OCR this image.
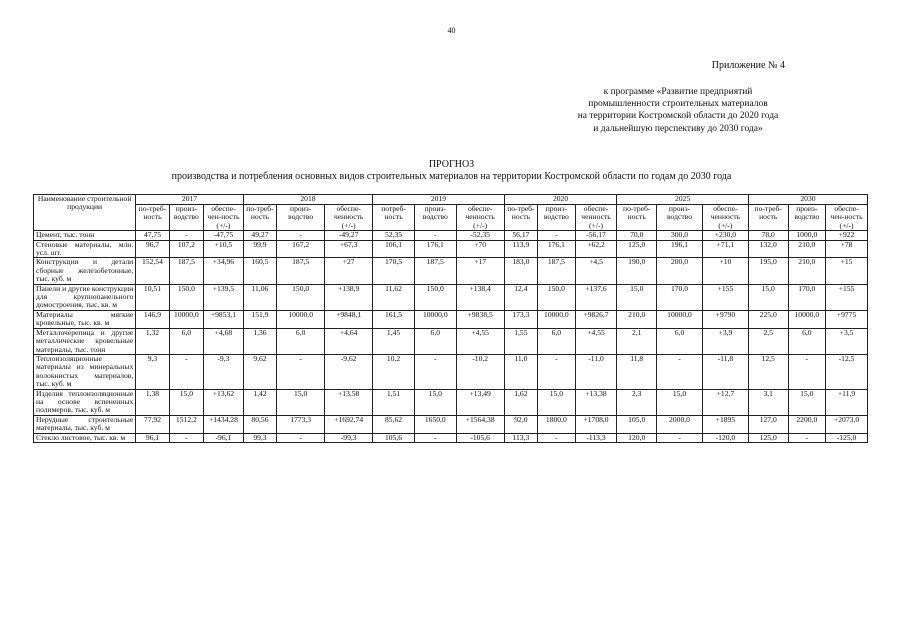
40
Приложение № 4
к программе «Развитие предприятий
промышленности строительных материалов
на территории Костромской области до 2020 года
и дальнейшую перспективу до 2030 года»
ПРОГНОЗ
производства и потребления основных видов строительных материалов на территории Костромской области по годам до 2030 года
Наименование строительной продукции	2017			2018			2019			2020			2025			2030		
	по-треб-ность	произ-водство	обеспе-чен-ность (+/-)	по-треб-ность	произ-водство	обеспе-ченность (+/-)	потреб-ность	произ-водство	обеспе-ченность (+/-)	по-треб-ность	произ-водство	обеспе-ченность (+/-)	по-треб-ность	произ-водство	обеспе-ченность (+/-)	по-треб-ность	произ-водство	обеспе-чен-ность (+/-)
Цемент, тыс. тонн	47,75	-	-47,75	49,27	-	-49,27	52,35	-	-52,35	56,17	-	-56,17	70,0	300,0	+230,0	78,0	1000,0	+922
Стеновые материалы, млн. усл. шт.	96,7	107,2	+10,5	99,9	167,2	+67,3	106,1	176,1	+70	113,9	176,1	+62,2	125,0	196,1	+71,1	132,0	210,0	+78
Конструкции и детали сборные железобетонные, тыс. куб. м	152,54	187,5	+34,96	160,5	187,5	+27	170,5	187,5	+17	183,0	187,5	+4,5	190,0	200,0	+10	195,0	210,0	+15
Панели и другие конструкции для крупнопанельного домостроения, тыс. кв. м	10,51	150,0	+139,5	11,06	150,0	+138,9	11,62	150,0	+138,4	12,4	150,0	+137,6	15,0	170,0	+155	15,0	170,0	+155
Материалы мягкие кровельные, тыс. кв. м	146,9	10000,0	+9853,1	151,9	10000,0	+9848,1	161,5	10000,0	+9838,5	173,3	10000,0	+9826,7	210,0	10000,0	+9790	225,0	10000,0	+9775
Металлочерепица и другие металлические кровельные материалы, тыс. тонн	1,32	6,0	+4,68	1,36	6,0	+4,64	1,45	6,0	+4,55	1,55	6,0	+4,55	2,1	6,0	+3,9	2,5	6,0	+3,5
Теплоизоляционные материалы из минеральных волокнистых материалов, тыс. куб. м	9,3	-	-9,3	9,62	-	-9,62	10,2	-	-10,2	11,0	-	-11,0	11,8	-	-11,8	12,5	-	-12,5
Изделия теплоизоляционные на основе вспененных полимеров, тыс. куб. м	1,38	15,0	+13,62	1,42	15,0	+13,58	1,51	15,0	+13,49	1,62	15,0	+13,38	2,3	15,0	+12,7	3,1	15,0	+11,9
Нерудные строительные материалы, тыс. куб. м	77,92	1512,2	+1434,28	80,56	1773,3	+1692,74	85,62	1650,0	+1564,38	92,0	1800,0	+1708,0	105,0	2000,0	+1895	127,0	2200,0	+2073,0
Стекло листовое, тыс. кв. м	96,1	-	-96,1	99,3	-	-99,3	105,6	-	-105,6	113,3	-	-113,3	120,0	-	-120,0	125,0	-	-125,0
